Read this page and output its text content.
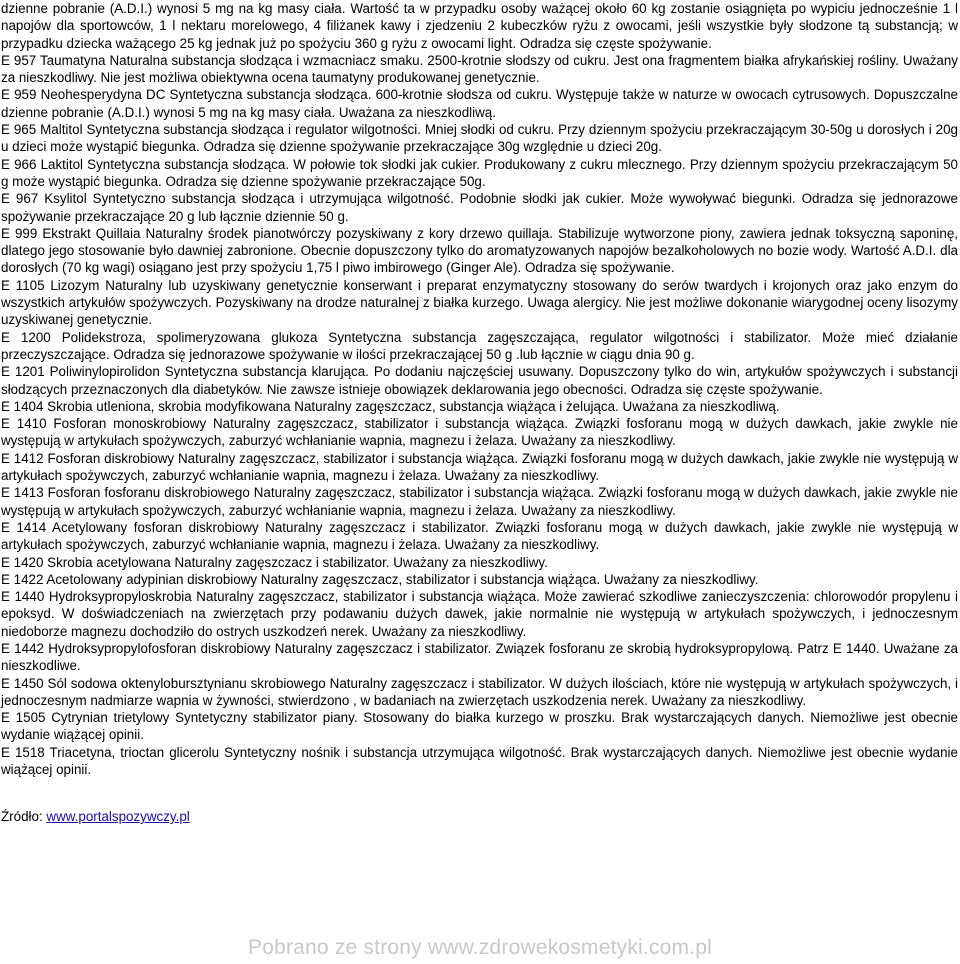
dzienne pobranie (A.D.I.) wynosi 5 mg na kg masy ciała. Wartość ta w przypadku osoby ważącej około 60 kg zostanie osiągnięta po wypiciu jednocześnie 1 l napojów dla sportowców, 1 l nektaru morelowego, 4 filiżanek kawy i zjedzeniu 2 kubeczków ryżu z owocami, jeśli wszystkie były słodzone tą substancją; w przypadku dziecka ważącego 25 kg jednak już po spożyciu 360 g ryżu z owocami light. Odradza się częste spożywanie.

E 957 Taumatyna Naturalna substancja słodząca i wzmacniacz smaku. 2500-krotnie słodszy od cukru. Jest ona fragmentem białka afrykańskiej rośliny. Uważany za nieszkodliwy. Nie jest możliwa obiektywna ocena taumatyny produkowanej genetycznie.

E 959 Neohesperydyna DC Syntetyczna substancja słodząca. 600-krotnie słodsza od cukru. Występuje także w naturze w owocach cytrusowych. Dopuszczalne dzienne pobranie (A.D.I.) wynosi 5 mg na kg masy ciała. Uważana za nieszkodliwą.

E 965 Maltitol Syntetyczna substancja słodząca i regulator wilgotności. Mniej słodki od cukru. Przy dziennym spożyciu przekraczającym 30-50g u dorosłych i 20g u dzieci może wystąpić biegunka. Odradza się dzienne spożywanie przekraczające 30g względnie u dzieci 20g.

E 966 Laktitol Syntetyczna substancja słodząca. W połowie tok słodki jak cukier. Produkowany z cukru mlecznego. Przy dziennym spożyciu przekraczającym 50 g może wystąpić biegunka. Odradza się dzienne spożywanie przekraczające 50g.

E 967 Ksylitol Syntetyczno substancja słodząca i utrzymująca wilgotność. Podobnie słodki jak cukier. Może wywoływać biegunki. Odradza się jednorazowe spożywanie przekraczające 20 g lub łącznie dziennie 50 g.

E 999 Ekstrakt Quillaia Naturalny środek pianotwórczy pozyskiwany z kory drzewo quillaja. Stabilizuje wytworzone piony, zawiera jednak toksyczną saponinę, dlatego jego stosowanie było dawniej zabronione. Obecnie dopuszczony tylko do aromatyzowanych napojów bezalkoholowych no bozie wody. Wartość A.D.I. dla dorosłych (70 kg wagi) osiągano jest przy spożyciu 1,75 l piwo imbirowego (Ginger Ale). Odradza się spożywanie.

E 1105 Lizozym Naturalny lub uzyskiwany genetycznie konserwant i preparat enzymatyczny stosowany do serów twardych i krojonych oraz jako enzym do wszystkich artykułów spożywczych. Pozyskiwany na drodze naturalnej z białka kurzego. Uwaga alergicy. Nie jest możliwe dokonanie wiarygodnej oceny lisozymy uzyskiwanej genetycznie.

E 1200 Polidekstroza, spolimeryzowana glukoza Syntetyczna substancja zagęszczająca, regulator wilgotności i stabilizator. Może mieć działanie przeczyszczające. Odradza się jednorazowe spożywanie w ilości przekraczającej 50 g .lub łącznie w ciągu dnia 90 g.

E 1201 Poliwinylopirolidon Syntetyczna substancja klarująca. Po dodaniu najczęściej usuwany. Dopuszczony tylko do win, artykułów spożywczych i substancji słodzących przeznaczonych dla diabetyków. Nie zawsze istnieje obowiązek deklarowania jego obecności. Odradza się częste spożywanie.

E 1404 Skrobia utleniona, skrobia modyfikowana Naturalny zagęszczacz, substancja wiążąca i żelująca. Uważana za nieszkodliwą.

E 1410 Fosforan monoskrobiowy Naturalny zagęszczacz, stabilizator i substancja wiążąca. Związki fosforanu mogą w dużych dawkach, jakie zwykle nie występują w artykułach spożywczych, zaburzyć wchłanianie wapnia, magnezu i żelaza. Uważany za nieszkodliwy.

E 1412 Fosforan diskrobiowy Naturalny zagęszczacz, stabilizator i substancja wiążąca. Związki fosforanu mogą w dużych dawkach, jakie zwykle nie występują w artykułach spożywczych, zaburzyć wchłanianie wapnia, magnezu i żelaza. Uważany za nieszkodliwy.

E 1413 Fosforan fosforanu diskrobiowego Naturalny zagęszczacz, stabilizator i substancja wiążąca. Związki fosforanu mogą w dużych dawkach, jakie zwykle nie występują w artykułach spożywczych, zaburzyć wchłanianie wapnia, magnezu i żelaza. Uważany za nieszkodliwy.

E 1414 Acetylowany fosforan diskrobiowy Naturalny zagęszczacz i stabilizator. Związki fosforanu mogą w dużych dawkach, jakie zwykle nie występują w artykułach spożywczych, zaburzyć wchłanianie wapnia, magnezu i żelaza. Uważany za nieszkodliwy.

E 1420 Skrobia acetylowana Naturalny zagęszczacz i stabilizator. Uważany za nieszkodliwy.

E 1422 Acetolowany adypinian diskrobiowy Naturalny zagęszczacz, stabilizator i substancja wiążąca. Uważany za nieszkodliwy.

E 1440 Hydroksypropyloskrobia Naturalny zagęszczacz, stabilizator i substancja wiążąca. Może zawierać szkodliwe zanieczyszczenia: chlorowodór propylenu i epoksyd. W doświadczeniach na zwierzętach przy podawaniu dużych dawek, jakie normalnie nie występują w artykułach spożywczych, i jednoczesnym niedoborze magnezu dochodziło do ostrych uszkodzeń nerek. Uważany za nieszkodliwy.

E 1442 Hydroksypropylofosforan diskrobiowy Naturalny zagęszczacz i stabilizator. Związek fosforanu ze skrobią hydroksypropylową. Patrz E 1440. Uważane za nieszkodliwe.

E 1450 Sól sodowa oktenylobursztynianu skrobiowego Naturalny zagęszczacz i stabilizator. W dużych ilościach, które nie występują w artykułach spożywczych, i jednoczesnym nadmiarze wapnia w żywności, stwierdzono , w badaniach na zwierzętach uszkodzenia nerek. Uważany za nieszkodliwy.

E 1505 Cytrynian trietylowy Syntetyczny stabilizator piany. Stosowany do białka kurzego w proszku. Brak wystarczających danych. Niemożliwe jest obecnie wydanie wiążącej opinii.

E 1518 Triacetyna, trioctan glicerolu Syntetyczny nośnik i substancja utrzymująca wilgotność. Brak wystarczających danych. Niemożliwe jest obecnie wydanie wiążącej opinii.

Źródło: www.portalspozywczy.pl

Pobrano ze strony www.zdrowekosmetyki.com.pl
